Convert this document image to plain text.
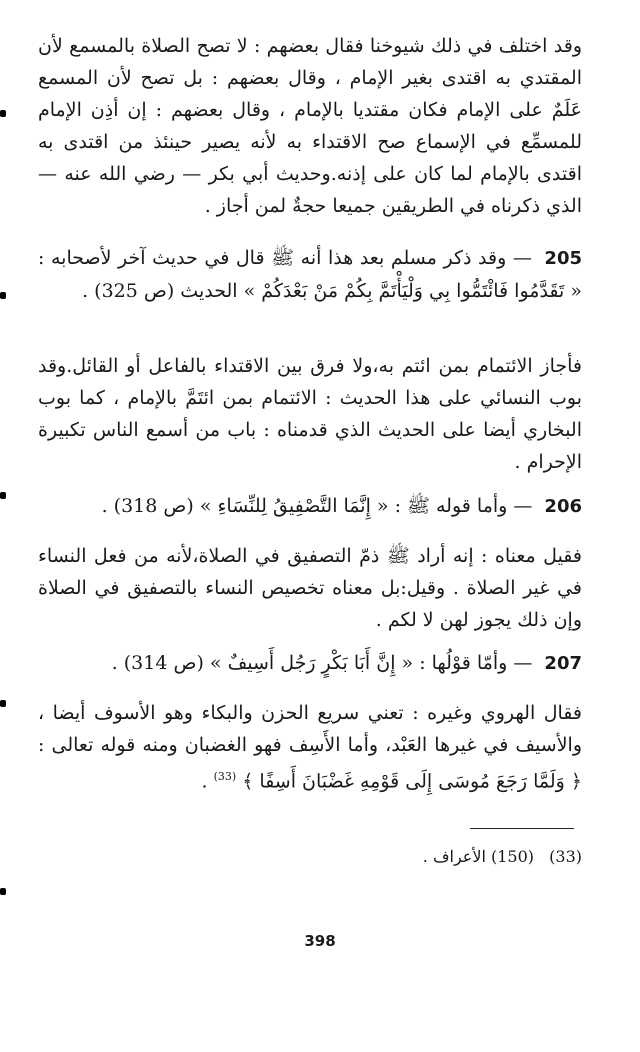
وقد اختلف في ذلك شيوخنا فقال بعضهم : لا تصح الصلاة بالمسمع لأن المقتدي به اقتدى بغير الإمام ، وقال بعضهم : بل تصح لأن المسمع عَلَمٌ على الإمام فكان مقتديا بالإمام ، وقال بعضهم : إن أذِن الإمام للمسمِّع في الإسماع صح الاقتداء به لأنه يصير حينئذ من اقتدى به اقتدى بالإمام لما كان على إذنه.وحديث أبي بكر — رضي الله عنه — الذي ذكرناه في الطريقين جميعا حجةٌ لمن أجاز .

205 — وقد ذكر مسلم بعد هذا أنه ﷺ قال في حديث آخر لأصحابه : « تَقَدَّمُوا فَائْتَمُّوا بِي وَلْيَأْتَمَّ بِكُمْ مَنْ بَعْدَكُمْ » الحديث (ص 325) .

فأجاز الائتمام بمن ائتم به،ولا فرق بين الاقتداء بالفاعل أو القائل.وقد بوب النسائي على هذا الحديث : الائتمام بمن ائتَمَّ بالإمام ، كما بوب البخاري أيضا على الحديث الذي قدمناه : باب من أسمع الناس تكبيرة الإحرام .

206 — وأما قوله ﷺ : « إِنَّمَا التَّصْفِيقُ لِلنِّسَاءِ » (ص 318) .

فقيل معناه : إنه أراد ﷺ ذمّ التصفيق في الصلاة،لأنه من فعل النساء في غير الصلاة . وقيل:بل معناه تخصيص النساء بالتصفيق في الصلاة وإن ذلك يجوز لهن لا لكم .

207 — وأمّا قوْلُها : « إِنَّ أَبَا بَكْرٍ رَجُل أَسِيفٌ » (ص 314) .

فقال الهروي وغيره : تعني سريع الحزن والبكاء وهو الأسوف أيضا ، والأسيف في غيرها العَبْد، وأما الأَسِف فهو الغضبان ومنه قوله تعالى : ﴿ وَلَمَّا رَجَعَ مُوسَى إِلَى قَوْمِهِ غَضْبَانَ أَسِفًا ﴾ $^{(33)}$ .

(33) (150) الأعراف .

398
